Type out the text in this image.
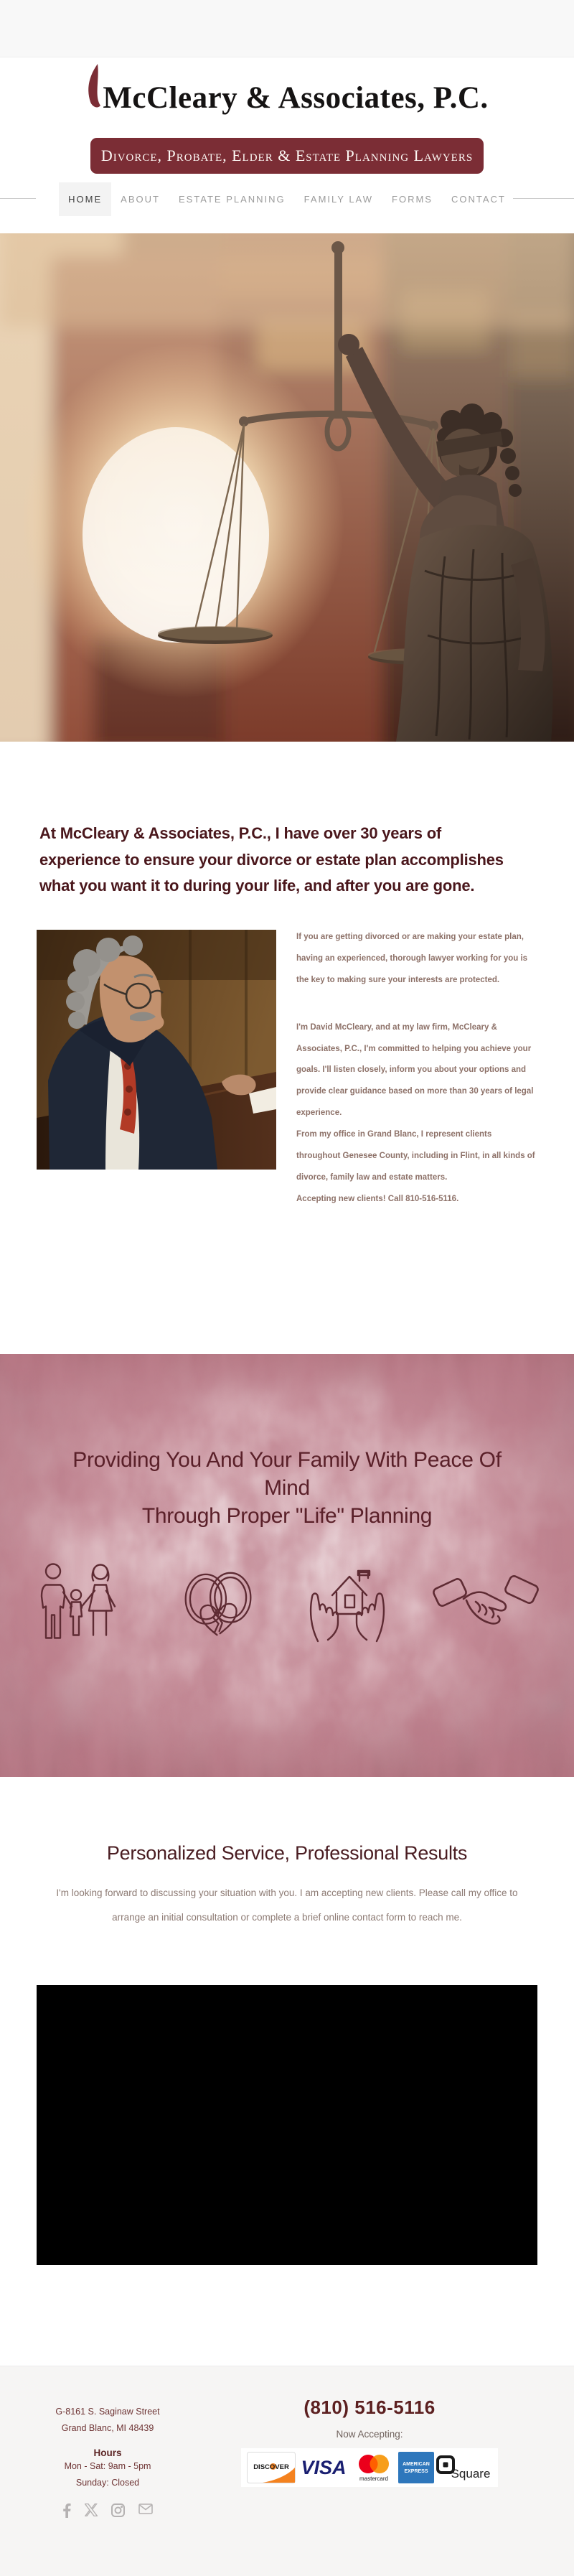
McCleary & Associates, P.C.
Divorce, Probate, Elder & Estate Planning Lawyers
HOME	ABOUT	ESTATE PLANNING	FAMILY LAW	FORMS	CONTACT
At McCleary & Associates, P.C., I have over 30 years of experience to ensure your divorce or estate plan accomplishes what you want it to during your life, and after you are gone.

If you are getting divorced or are making your estate plan, having an experienced, thorough lawyer working for you is the key to making sure your interests are protected.

I'm David McCleary, and at my law firm, McCleary & Associates, P.C., I'm committed to helping you achieve your goals. I'll listen closely, inform you about your options and provide clear guidance based on more than 30 years of legal experience.

From my office in Grand Blanc, I represent clients throughout Genesee County, including in Flint, in all kinds of divorce, family law and estate matters.

Accepting new clients! Call 810-516-5116.

Providing You And Your Family With Peace Of Mind
Through Proper "Life" Planning
Personalized Service, Professional Results
I'm looking forward to discussing your situation with you. I am accepting new clients. Please call my office to arrange an initial consultation or complete a brief online contact form to reach me.
G-8161 S. Saginaw Street
Grand Blanc, MI 48439
Hours
Mon - Sat: 9am - 5pm
Sunday: Closed
(810) 516-5116
Now Accepting:
DISCOVER VISA
mastercard
AMERICAN
EXPRESS Square
